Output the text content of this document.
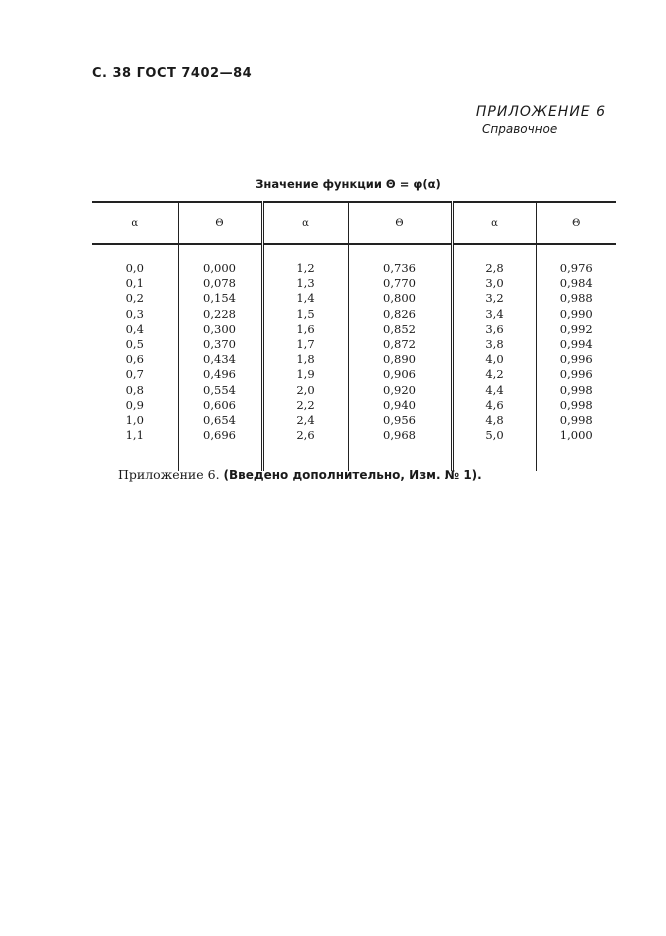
С. 38 ГОСТ 7402—84
ПРИЛОЖЕНИЕ 6
Справочное
Значение функции Θ = φ(α)
α	Θ	α	Θ	α	Θ
0,0	0,000	1,2	0,736	2,8	0,976
0,1	0,078	1,3	0,770	3,0	0,984
0,2	0,154	1,4	0,800	3,2	0,988
0,3	0,228	1,5	0,826	3,4	0,990
0,4	0,300	1,6	0,852	3,6	0,992
0,5	0,370	1,7	0,872	3,8	0,994
0,6	0,434	1,8	0,890	4,0	0,996
0,7	0,496	1,9	0,906	4,2	0,996
0,8	0,554	2,0	0,920	4,4	0,998
0,9	0,606	2,2	0,940	4,6	0,998
1,0	0,654	2,4	0,956	4,8	0,998
1,1	0,696	2,6	0,968	5,0	1,000

Приложение 6. (Введено дополнительно, Изм. № 1).
